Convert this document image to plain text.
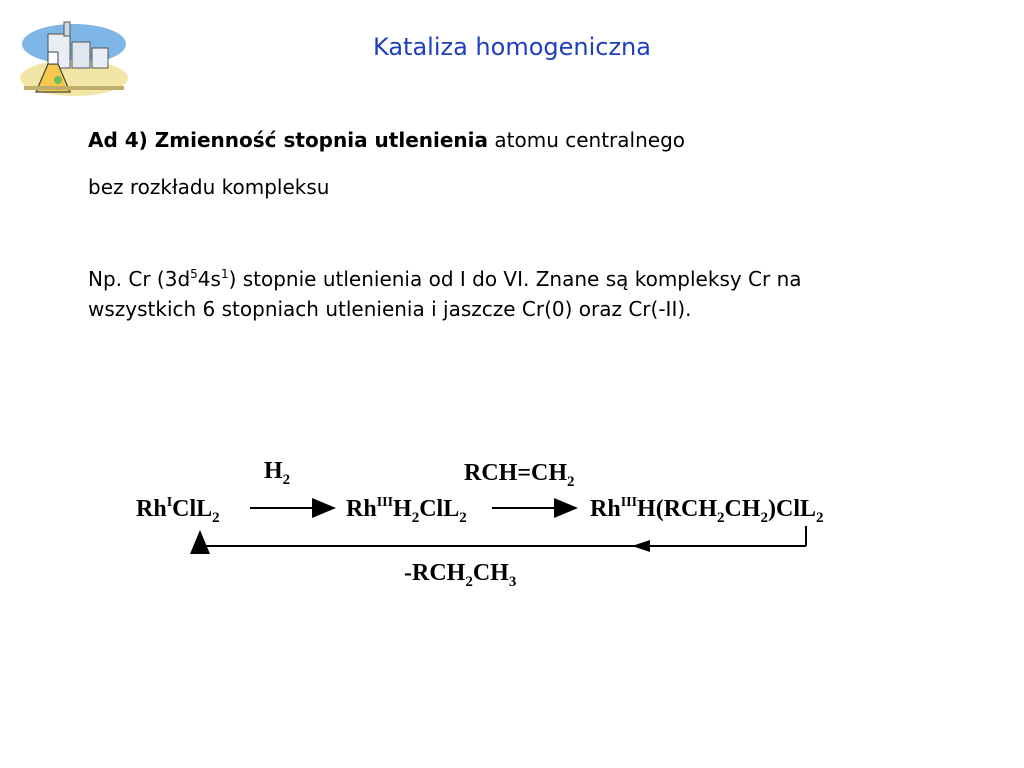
Kataliza homogeniczna
Ad 4) Zmienność stopnia utlenienia atomu centralnego
bez rozkładu kompleksu
Np. Cr $(3d^54s^1)$ stopnie utlenienia od I do VI. Znane są kompleksy Cr na wszystkich 6 stopniach utlenienia i jaszcze Cr(0) oraz Cr(-II).
$Rh^IClL_2$
$H_2$
$Rh^{III}H_2ClL_2$
$RCH=CH_2$
$Rh^{III}H(RCH_2CH_2)ClL_2$
$-RCH_2CH_3$
